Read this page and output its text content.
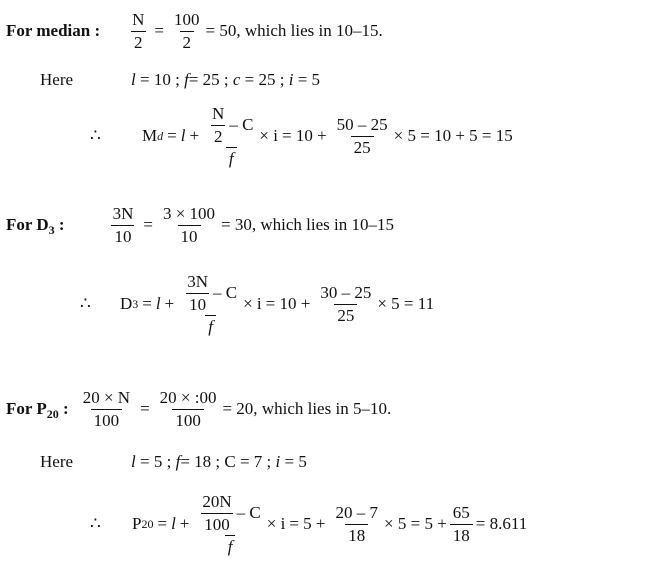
For median : $\frac{N}{2} = \frac{100}{2} = 50$ , which lies in 10–15.
Here	l
= 10 ;
f = 25 ;
c
= 25 ;
i
= 5
∴	M $d = l + \frac{\frac{N}{2} - C}{f} \times i = 10 + \frac{50 - 25}{25} \times 5 = 10 + 5 = 15$
For $D_3$ :	$\frac{3N}{10} = \frac{3 \times 100}{10} = 30$,
which lies in 10–15
∴	D $3 = l + \frac{\frac{3N}{10} - C}{f} \times i = 10 + \frac{30 - 25}{25} \times 5 = 11$
For $P_{20}$ : $\frac{20 \times N}{100} = \frac{20 \times :00}{100} = 20$,
which lies in 5–10.
Here	l
= 5 ;
f = 18 ;
C = 7 ;
i
= 5
∴	P $20 = l + \frac{\frac{20N}{100} - C}{f} \times i = 5 + \frac{20 - 7}{18} \times 5 = 5 + \frac{65}{18} = 8.611$
